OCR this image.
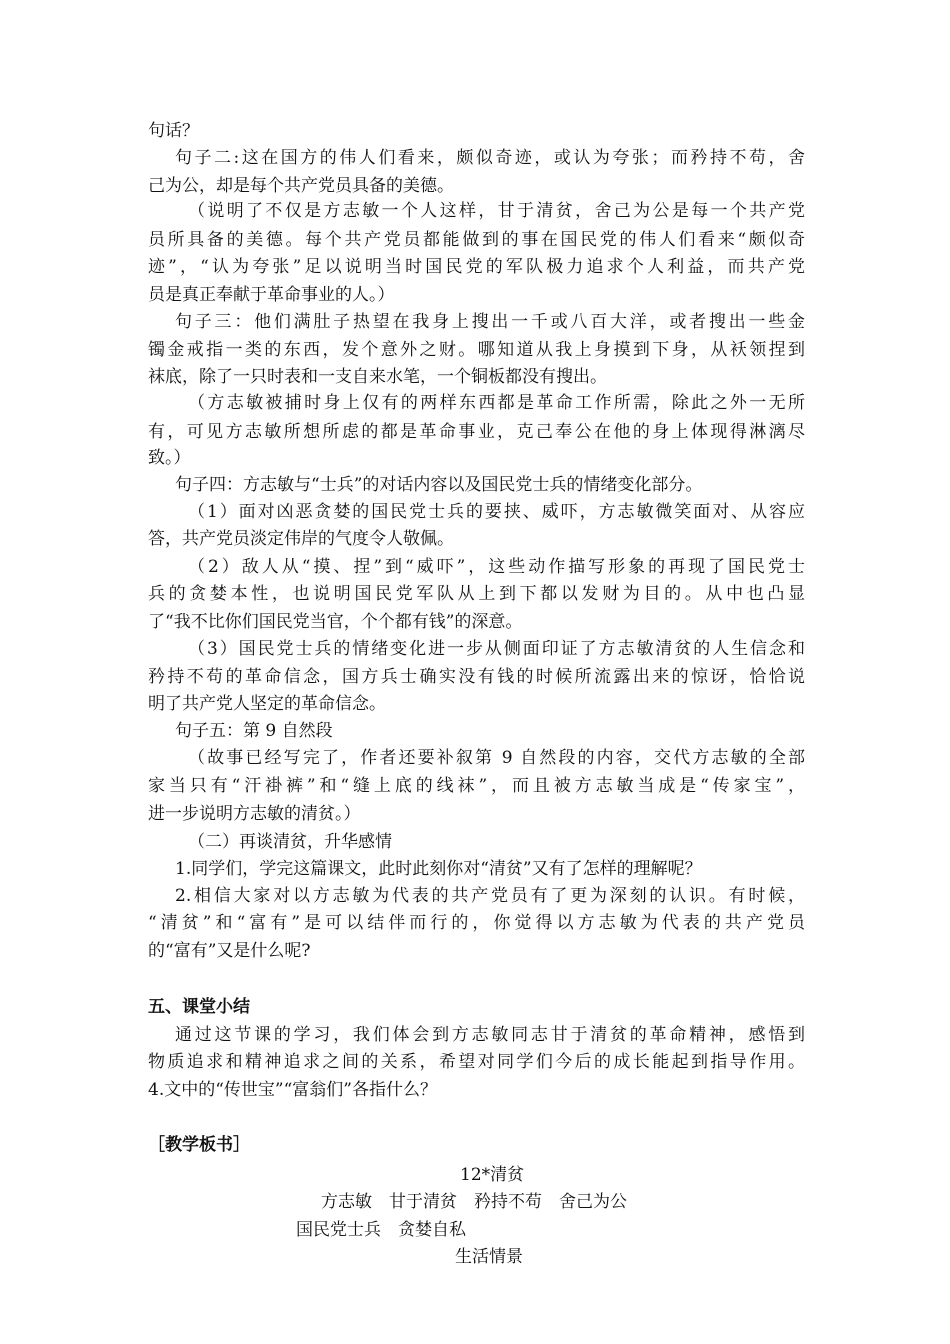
句话？
句子二:这在国方的伟人们看来，颇似奇迹，或认为夸张；而矜持不苟，舍
己为公，却是每个共产党员具备的美德。
（说明了不仅是方志敏一个人这样，甘于清贫，舍己为公是每一个共产党
员所具备的美德。每个共产党员都能做到的事在国民党的伟人们看来“颇似奇
迹”，“认为夸张”足以说明当时国民党的军队极力追求个人利益，而共产党
员是真正奉献于革命事业的人。）
句子三：他们满肚子热望在我身上搜出一千或八百大洋，或者搜出一些金
镯金戒指一类的东西，发个意外之财。哪知道从我上身摸到下身，从袄领捏到
袜底，除了一只时表和一支自来水笔，一个铜板都没有搜出。
（方志敏被捕时身上仅有的两样东西都是革命工作所需，除此之外一无所
有，可见方志敏所想所虑的都是革命事业，克己奉公在他的身上体现得淋漓尽
致。）
句子四：方志敏与“士兵”的对话内容以及国民党士兵的情绪变化部分。
（1）面对凶恶贪婪的国民党士兵的要挟、威吓，方志敏微笑面对、从容应
答，共产党员淡定伟岸的气度令人敬佩。
（2）敌人从“摸、捏”到“威吓”，这些动作描写形象的再现了国民党士
兵的贪婪本性，也说明国民党军队从上到下都以发财为目的。从中也凸显
了“我不比你们国民党当官，个个都有钱”的深意。
（3）国民党士兵的情绪变化进一步从侧面印证了方志敏清贫的人生信念和
矜持不苟的革命信念，国方兵士确实没有钱的时候所流露出来的惊讶，恰恰说
明了共产党人坚定的革命信念。
句子五：第 9 自然段
（故事已经写完了，作者还要补叙第 9 自然段的内容，交代方志敏的全部
家当只有“汗褂裤”和“缝上底的线袜”，而且被方志敏当成是“传家宝”，
进一步说明方志敏的清贫。）
（二）再谈清贫，升华感情
1.同学们，学完这篇课文，此时此刻你对“清贫”又有了怎样的理解呢？
2.相信大家对以方志敏为代表的共产党员有了更为深刻的认识。有时候，
“清贫”和“富有”是可以结伴而行的，你觉得以方志敏为代表的共产党员
的“富有”又是什么呢?
五、课堂小结
通过这节课的学习，我们体会到方志敏同志甘于清贫的革命精神，感悟到
物质追求和精神追求之间的关系，希望对同学们今后的成长能起到指导作用。
4.文中的“传世宝”“富翁们”各指什么？
［教学板书］
12*清贫
方志敏　甘于清贫　矜持不苟　舍己为公
国民党士兵　贪婪自私
生活情景
